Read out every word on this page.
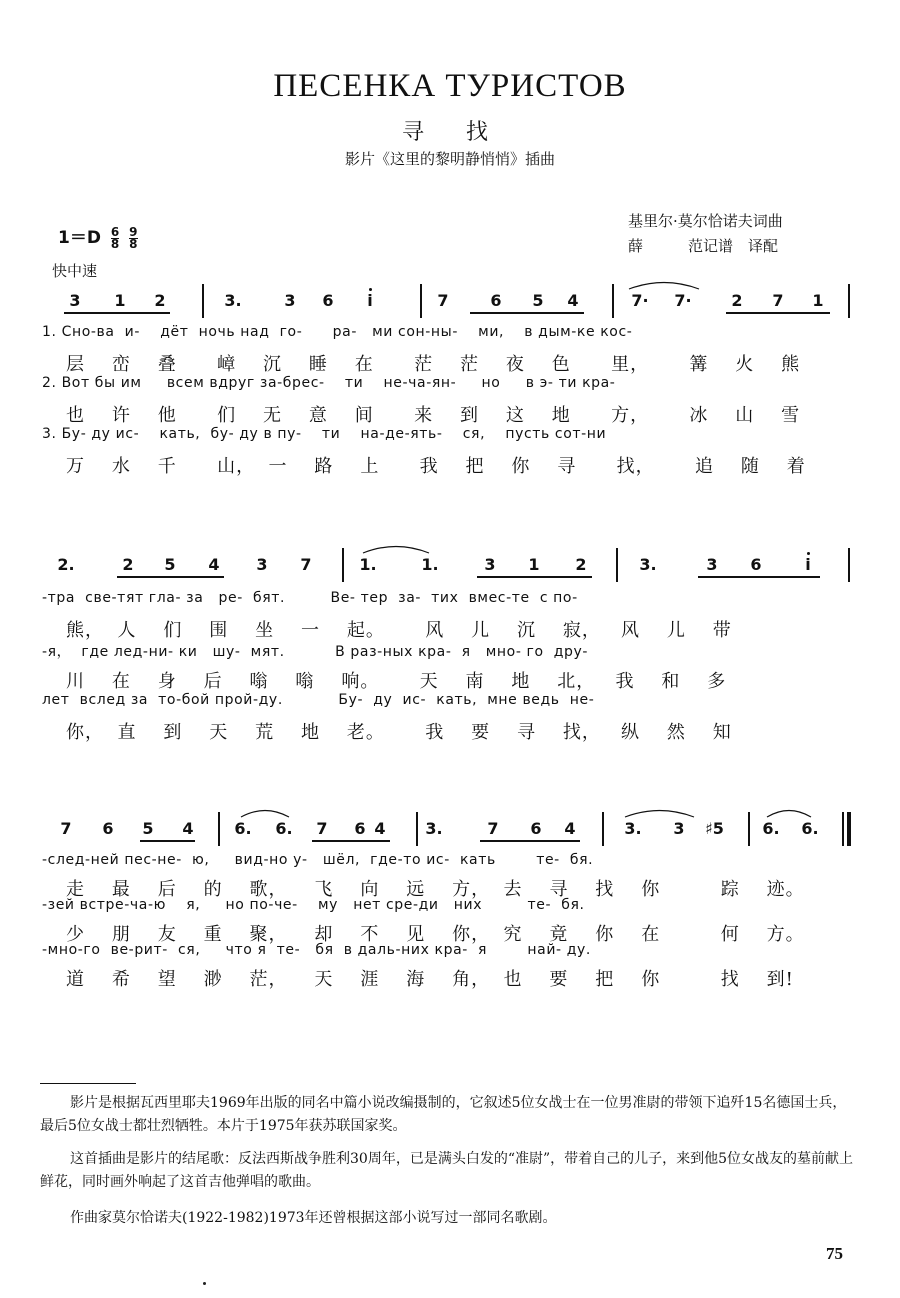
ПЕСЕНКА ТУРИСТОВ
寻　找
影片《这里的黎明静悄悄》插曲
基里尔·莫尔恰诺夫词曲
薛　　　范记谱　译配
$1=D \frac{6}{8}$
$\frac{9}{8}$
快中速
3 1 2	3.	3 6	i	7	6 5 4	7· 7· 2 7 1
1. Сно-ва  и-    дёт  ночь над  го-      ра-   ми сон-ны-    ми,    в дым-ке кос-
层    峦    叠      嶂    沉    睡    在      茫    茫    夜    色      里，      篝    火    熊
2. Вот бы им     всем вдруг за-брес-    ти    не-ча-ян-     но     в э- ти кра-
也    许    他      们    无    意    间      来    到    这    地      方，      冰    山    雪
3. Бу- ду ис-    кать,  бу- ду в пу-    ти    на-де-ять-    ся,    пусть сот-ни
万    水    千      山，  一    路    上      我    把    你    寻      找，      追    随    着
2.	2 5 4 3 7	1.	1.	3 1 2	3.	3 6	i
-тра  све-тят гла- за   ре-  бят.         Ве- тер  за-  тих  вмес-те  с по-
熊，  人    们    围    坐    一    起。      风    儿    沉    寂，   风    儿    带
-я，  где лед-ни- ки   шу-  мят.          В раз-ных кра-  я   мно- го  дру-
川    在    身    后    嗡    嗡    响。      天    南    地    北，   我    和    多
лет  вслед за  то-бой прой-ду.           Бу-  ду  ис-  кать,  мне ведь  не-
你，  直    到    天    荒    地    老。      我    要    寻    找，   纵    然    知
7 6 5 4	6. 6. 7 6 4 3.	7 6 4	3. 3 ♯5 6. 6.
-след-ней пес-не-  ю,     вид-но у-   шёл,  где-то ис-  кать        те-  бя.
走    最    后    的    歌，    飞    向    远    方，  去    寻    找    你         踪    迹。
-зей встре-ча-ю    я,     но по-че-    му   нет сре-ди   них         те-  бя.
少    朋    友    重    聚，    却    不    见    你，  究    竟    你    在         何    方。
-мно-го  ве-рит-  ся,     что я  те-   бя  в даль-них кра-  я        най- ду.
道    希    望    渺    茫，    天    涯    海    角，  也    要    把    你         找    到!
影片是根据瓦西里耶夫1969年出版的同名中篇小说改编摄制的，它叙述5位女战士在一位男准尉的带领下追歼15名德国士兵，最后5位女战士都壮烈牺牲。本片于1975年获苏联国家奖。
这首插曲是影片的结尾歌：反法西斯战争胜利30周年，已是满头白发的“准尉”，带着自己的儿子，来到他5位女战友的墓前献上鲜花，同时画外响起了这首吉他弹唱的歌曲。
作曲家莫尔恰诺夫(1922-1982)1973年还曾根据这部小说写过一部同名歌剧。
75
